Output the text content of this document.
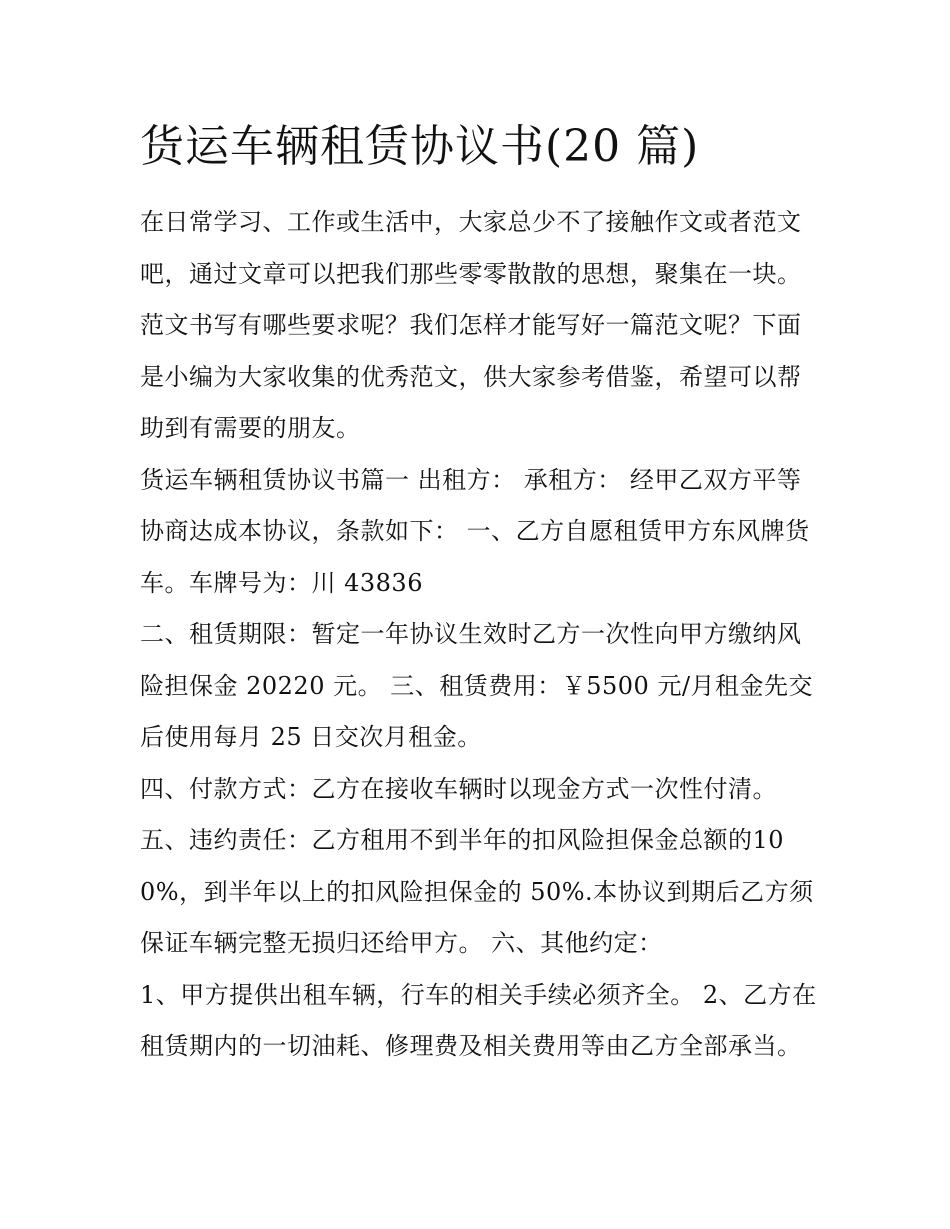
货运车辆租赁协议书(20 篇)

在日常学习、工作或生活中，大家总少不了接触作文或者范文吧，通过文章可以把我们那些零零散散的思想，聚集在一块。范文书写有哪些要求呢？我们怎样才能写好一篇范文呢？下面是小编为大家收集的优秀范文，供大家参考借鉴，希望可以帮助到有需要的朋友。

货运车辆租赁协议书篇一 出租方： 承租方： 经甲乙双方平等协商达成本协议，条款如下： 一、乙方自愿租赁甲方东风牌货车。车牌号为：川 43836

二、租赁期限：暂定一年协议生效时乙方一次性向甲方缴纳风险担保金 20220 元。 三、租赁费用：￥5500 元/月租金先交后使用每月 25 日交次月租金。

四、付款方式：乙方在接收车辆时以现金方式一次性付清。

五、违约责任：乙方租用不到半年的扣风险担保金总额的100%，到半年以上的扣风险担保金的 50%.本协议到期后乙方须保证车辆完整无损归还给甲方。 六、其他约定：

1、甲方提供出租车辆，行车的相关手续必须齐全。 2、乙方在租赁期内的一切油耗、修理费及相关费用等由乙方全部承当。
